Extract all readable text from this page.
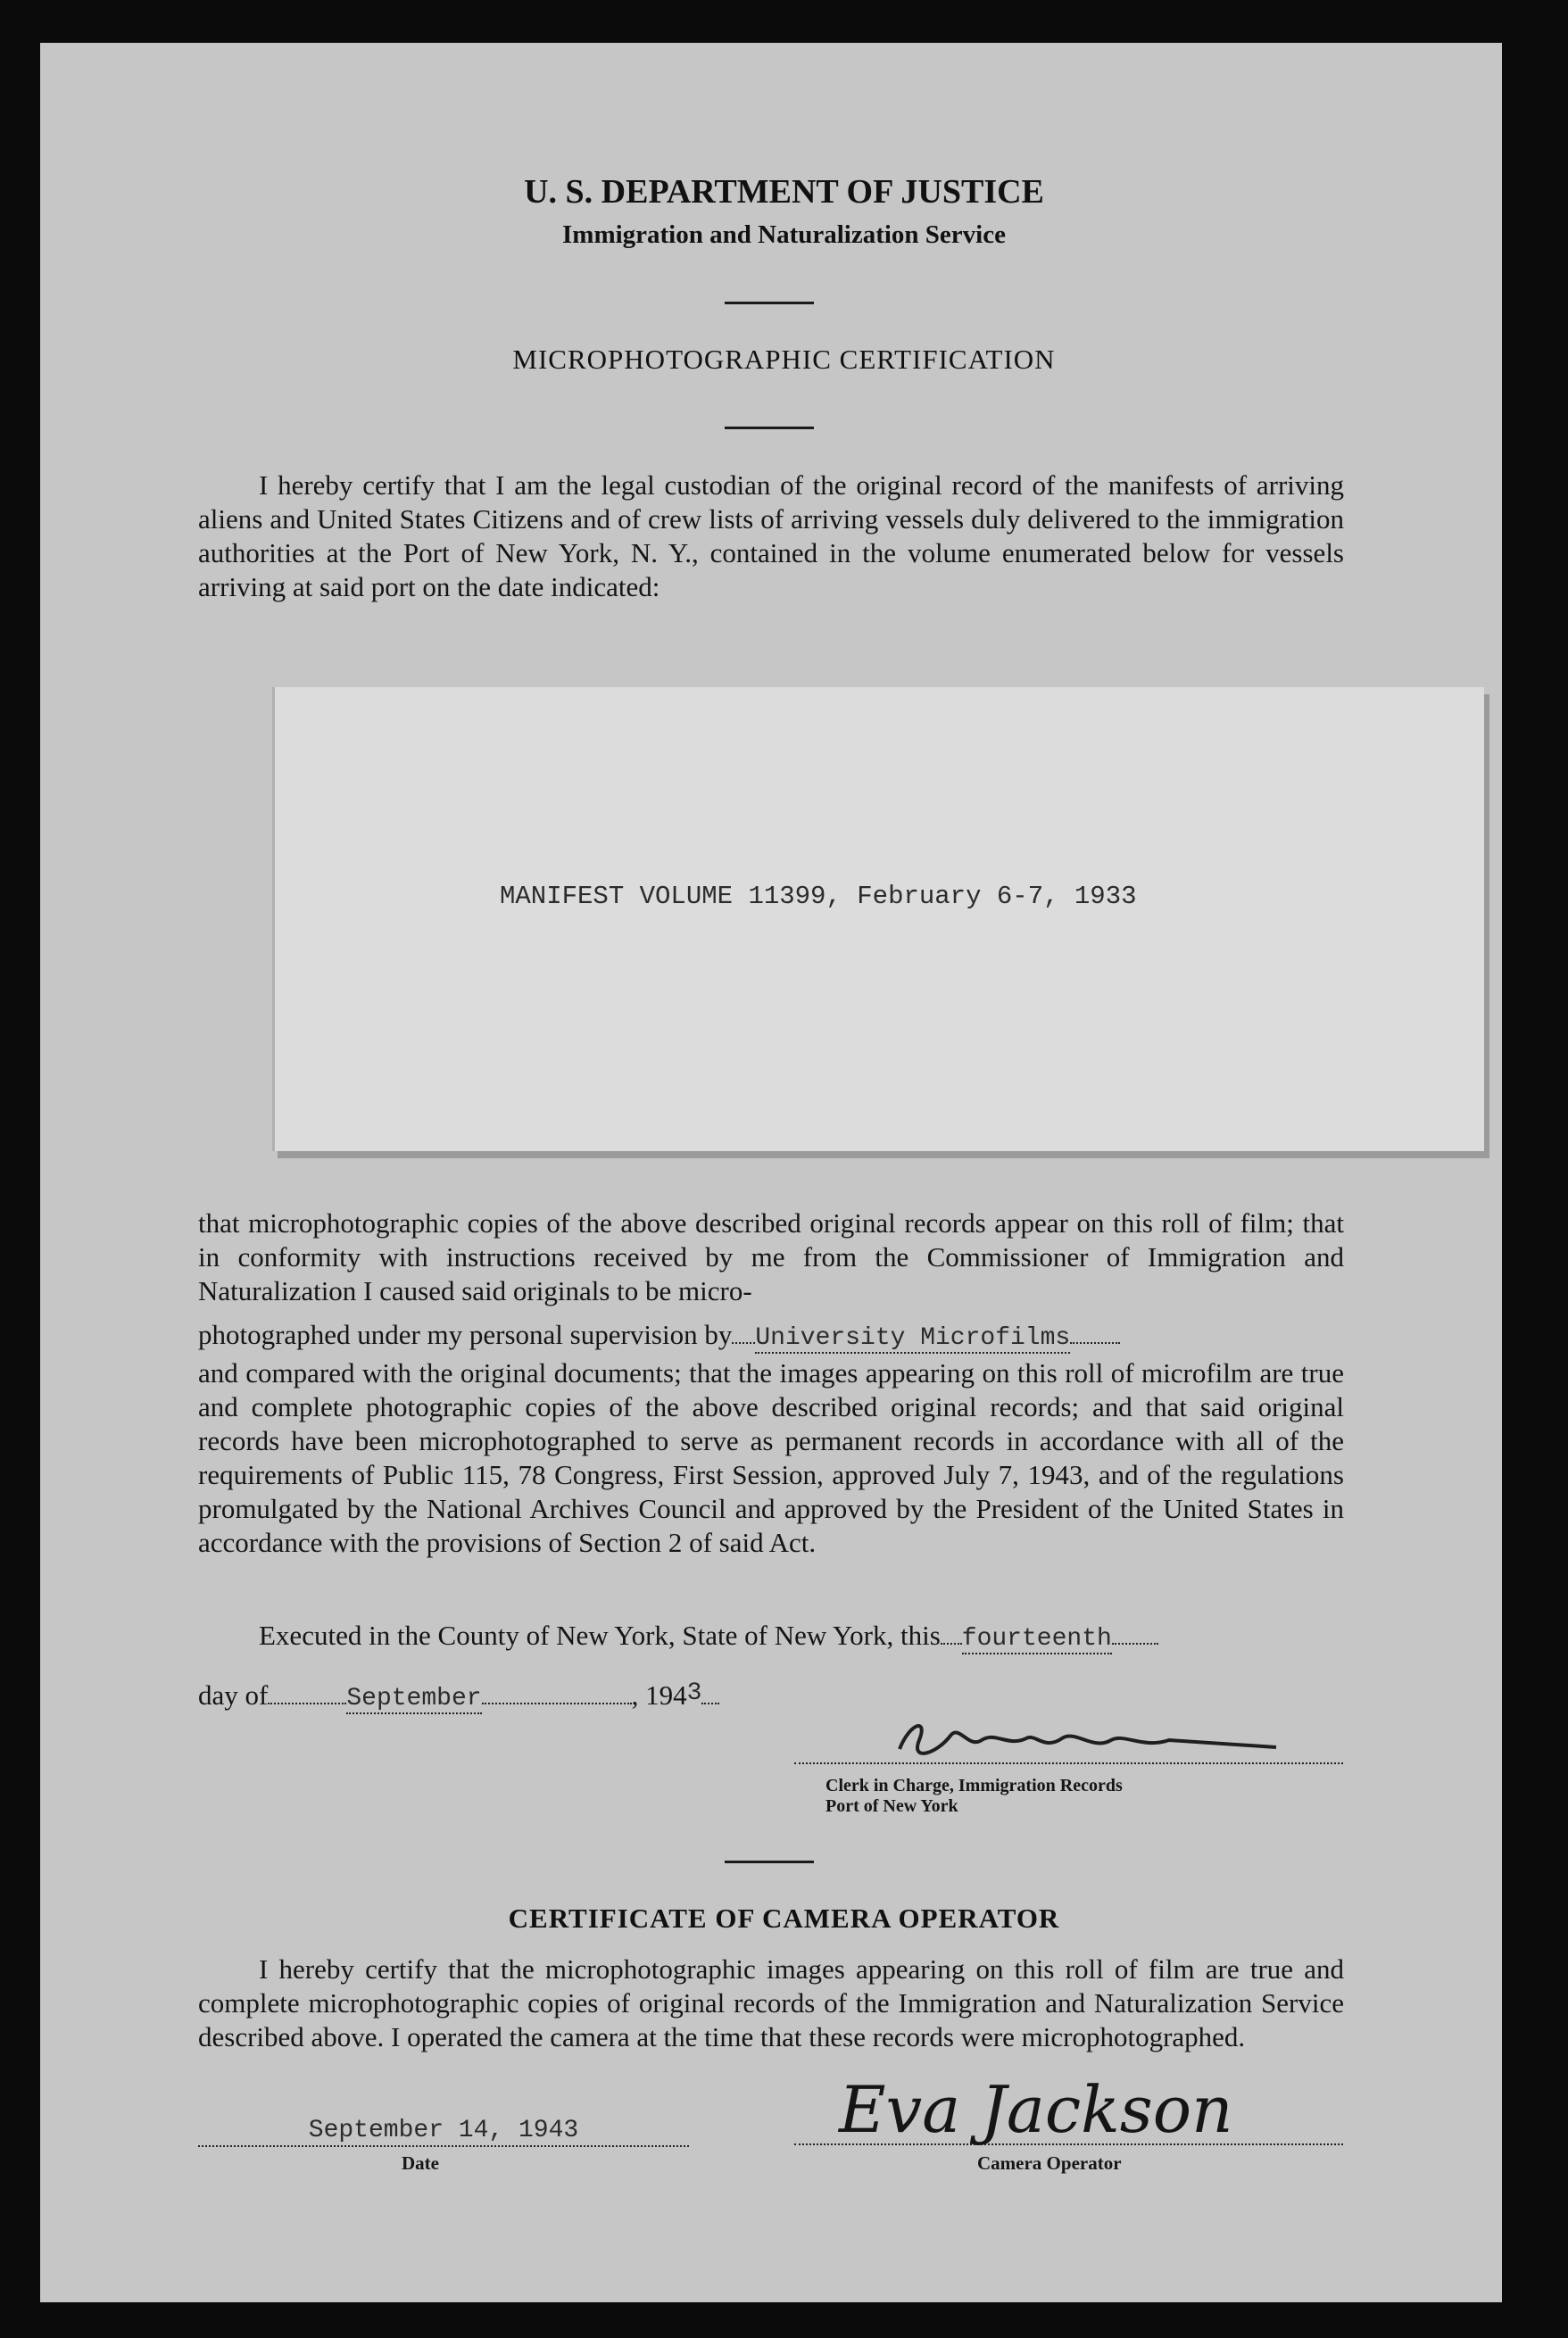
U. S. DEPARTMENT OF JUSTICE
Immigration and Naturalization Service
MICROPHOTOGRAPHIC CERTIFICATION
I hereby certify that I am the legal custodian of the original record of the manifests of arriving aliens and United States Citizens and of crew lists of arriving vessels duly delivered to the immigration authorities at the Port of New York, N. Y., contained in the volume enumerated below for vessels arriving at said port on the date indicated:
MANIFEST VOLUME 11399, February 6-7, 1933
that microphotographic copies of the above described original records appear on this roll of film; that in conformity with instructions received by me from the Commissioner of Immigration and Naturalization I caused said originals to be micro-
photographed under my personal supervision by University Microfilms
and compared with the original documents; that the images appearing on this roll of microfilm are true and complete photographic copies of the above described original records; and that said original records have been microphotographed to serve as permanent records in accordance with all of the requirements of Public 115, 78 Congress, First Session, approved July 7, 1943, and of the regulations promulgated by the National Archives Council and approved by the President of the United States in accordance with the provisions of Section 2 of said Act.
Executed in the County of New York, State of New York, this fourteenth
day of	September	, 1943
Clerk in Charge, Immigration Records
Port of New York
CERTIFICATE OF CAMERA OPERATOR
I hereby certify that the microphotographic images appearing on this roll of film are true and complete microphotographic copies of original records of the Immigration and Naturalization Service described above. I operated the camera at the time that these records were microphotographed.
September 14, 1943
Date
Eva Jackson
Camera Operator
